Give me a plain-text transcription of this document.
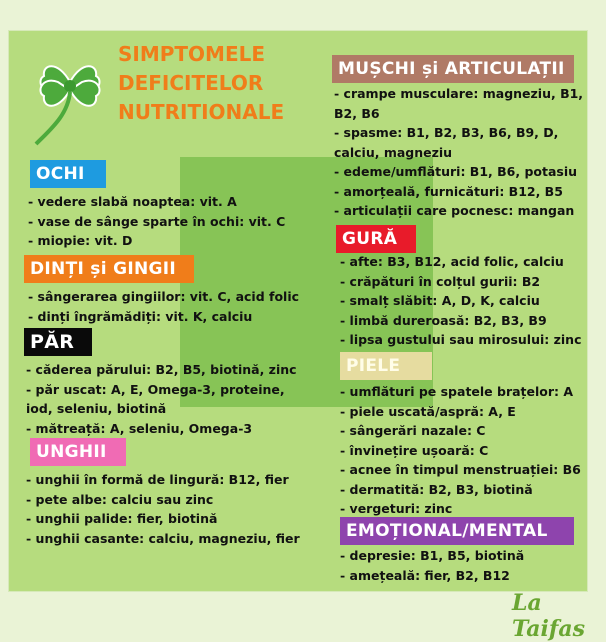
SIMPTOMELE
DEFICITELOR
NUTRITIONALE
OCHI
- vedere slabă noaptea: vit. A
- vase de sânge sparte în ochi: vit. C
- miopie: vit. D
DINȚI și GINGII
- sângerarea gingiilor: vit. C, acid folic
- dinți îngrămădiți: vit. K, calciu
PĂR
- căderea părului: B2, B5, biotină, zinc
- păr uscat: A, E, Omega-3, proteine,
iod, seleniu, biotină
- mătreață: A, seleniu, Omega-3
UNGHII
- unghii în formă de lingură: B12, fier
- pete albe: calciu sau zinc
- unghii palide: fier, biotină
- unghii casante: calciu, magneziu, fier
MUȘCHI și ARTICULAȚII
- crampe musculare: magneziu, B1,
B2, B6
- spasme: B1, B2, B3, B6, B9, D,
calciu, magneziu
- edeme/umflături: B1, B6, potasiu
- amorțeală, furnicături: B12, B5
- articulații care pocnesc: mangan
GURĂ
- afte: B3, B12, acid folic, calciu
- crăpături în colțul gurii: B2
- smalț slăbit: A, D, K, calciu
- limbă dureroasă: B2, B3, B9
- lipsa gustului sau mirosului: zinc
PIELE
- umflături pe spatele brațelor: A
- piele uscată/aspră: A, E
- sângerări nazale: C
- învinețire ușoară: C
- acnee în timpul menstruației: B6
- dermatită: B2, B3, biotină
- vergeturi: zinc
EMOȚIONAL/MENTAL
- depresie: B1, B5, biotină
- amețeală: fier, B2, B12
La Taifas
